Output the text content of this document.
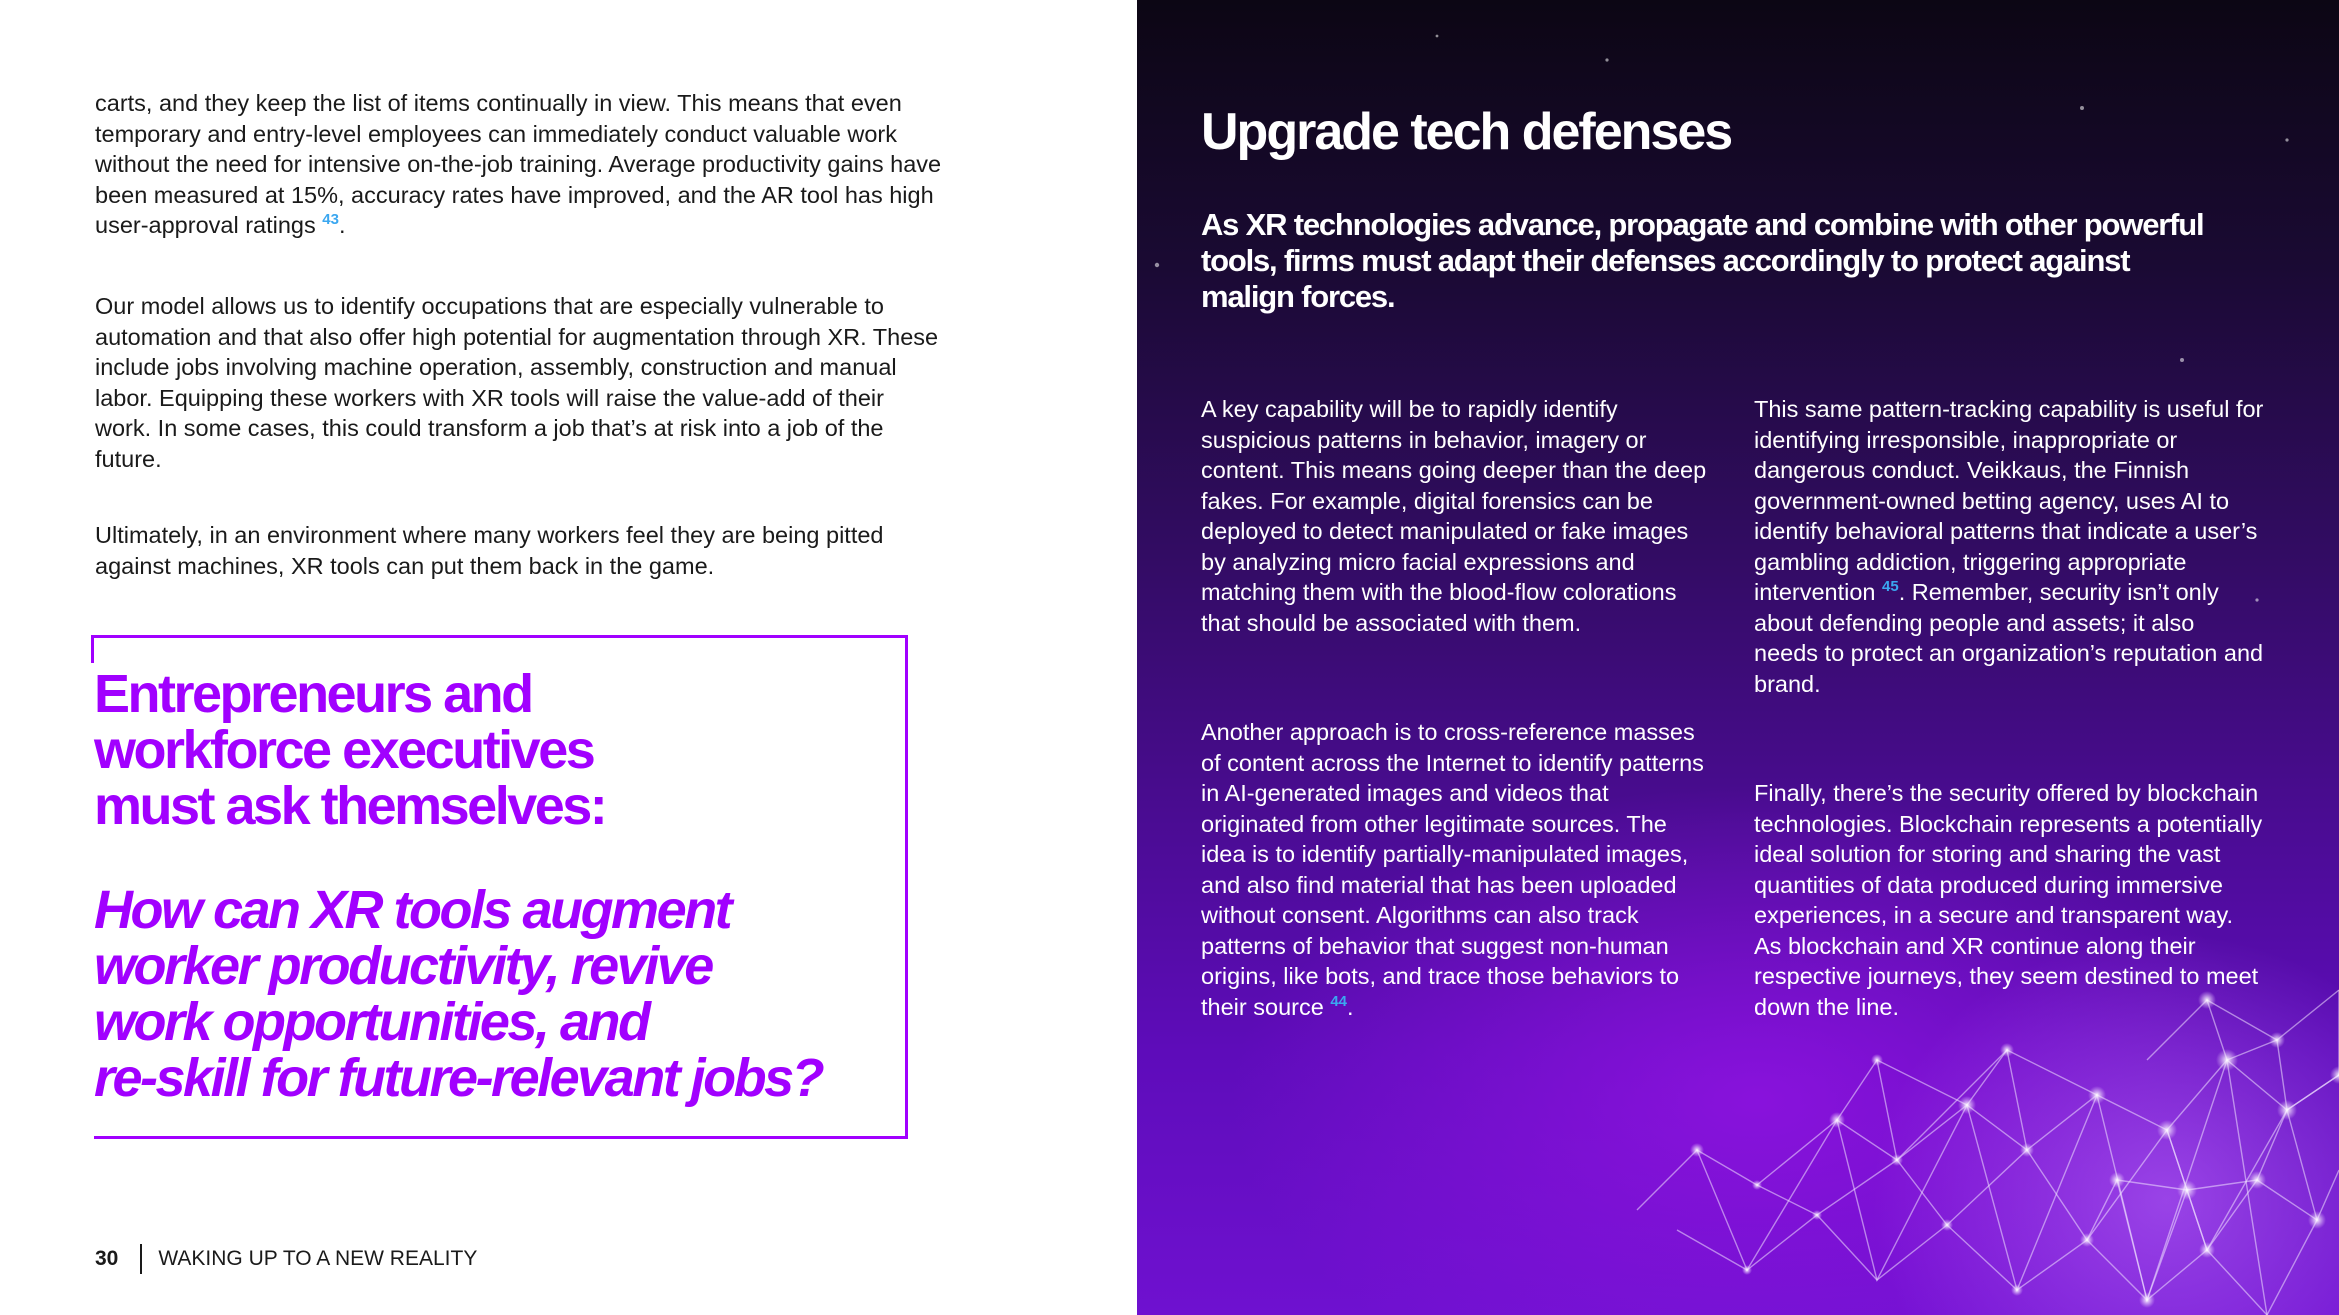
carts, and they keep the list of items continually in view. This means that even temporary and entry-level employees can immediately conduct valuable work without the need for intensive on-the-job training. Average productivity gains have been measured at 15%, accuracy rates have improved, and the AR tool has high user-approval ratings $^{43}$.

Our model allows us to identify occupations that are especially vulnerable to automation and that also offer high potential for augmentation through XR. These include jobs involving machine operation, assembly, construction and manual labor. Equipping these workers with XR tools will raise the value-add of their work. In some cases, this could transform a job that’s at risk into a job of the future.

Ultimately, in an environment where many workers feel they are being pitted against machines, XR tools can put them back in the game.

Entrepreneurs and
workforce executives
must ask themselves:
How can XR tools augment
worker productivity, revive
work opportunities, and
re-skill for future-relevant jobs?
30 WAKING UP TO A NEW REALITY
Upgrade tech defenses

As XR technologies advance, propagate and combine with other powerful tools, firms must adapt their defenses accordingly to protect against malign forces.

A key capability will be to rapidly identify suspicious patterns in behavior, imagery or content. This means going deeper than the deep fakes. For example, digital forensics can be deployed to detect manipulated or fake images by analyzing micro facial expressions and matching them with the blood-flow colorations that should be associated with them.

Another approach is to cross-reference masses of content across the Internet to identify patterns in AI-generated images and videos that originated from other legitimate sources. The idea is to identify partially-manipulated images, and also find material that has been uploaded without consent. Algorithms can also track patterns of behavior that suggest non-human origins, like bots, and trace those behaviors to their source $^{44}$.

This same pattern-tracking capability is useful for identifying irresponsible, inappropriate or dangerous conduct. Veikkaus, the Finnish government-owned betting agency, uses AI to identify behavioral patterns that indicate a user’s gambling addiction, triggering appropriate intervention $^{45}$. Remember, security isn’t only about defending people and assets; it also needs to protect an organization’s reputation and brand.

Finally, there’s the security offered by blockchain technologies. Blockchain represents a potentially ideal solution for storing and sharing the vast quantities of data produced during immersive experiences, in a secure and transparent way. As blockchain and XR continue along their respective journeys, they seem destined to meet down the line.
